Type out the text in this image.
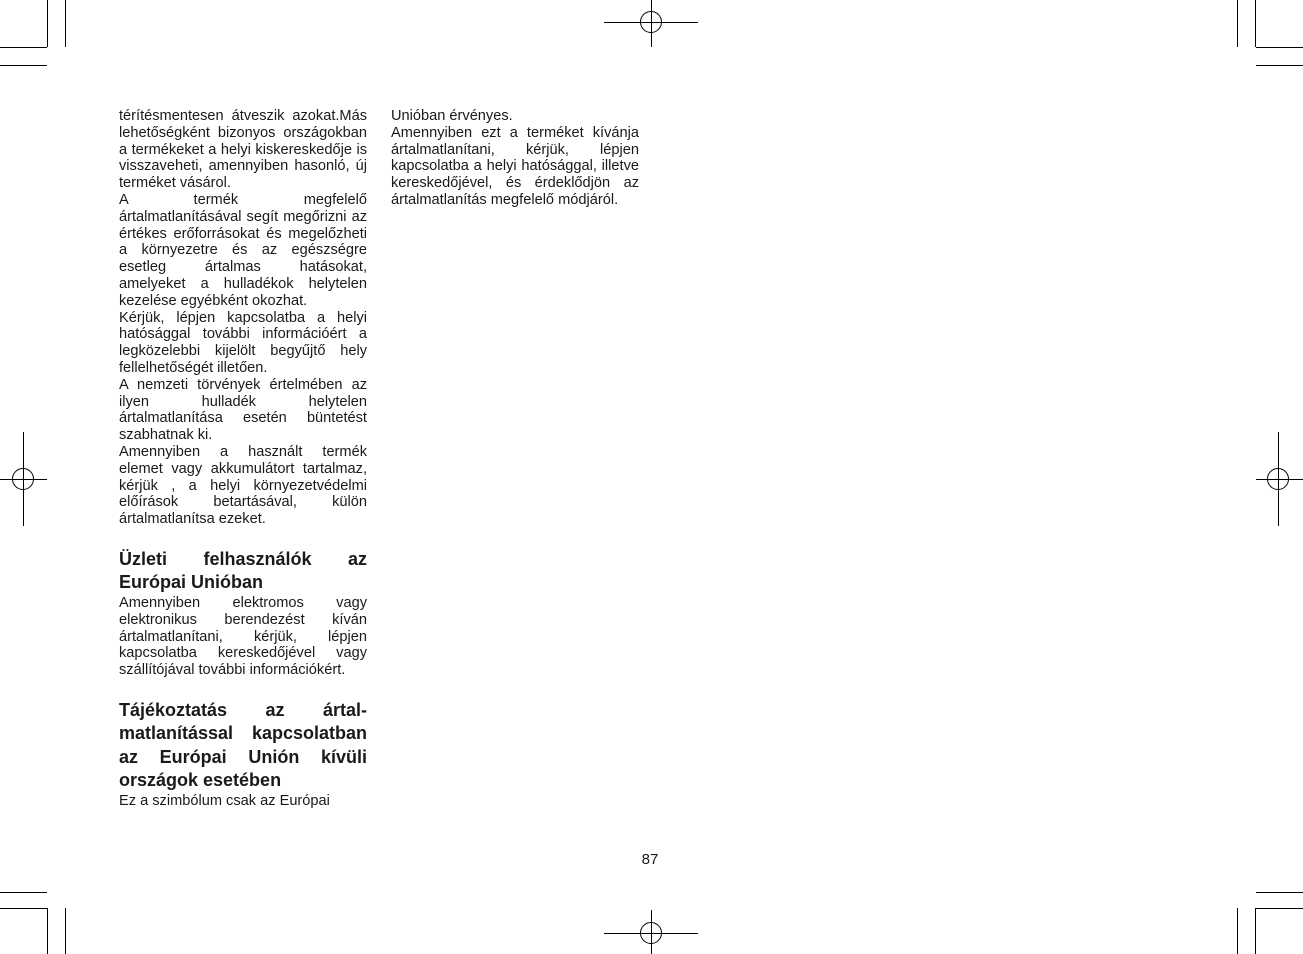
térítésmentesen átveszik azokat.Más lehetőségként bizonyos országokban a termékeket a helyi kiskereskedője is visszaveheti, amennyiben hasonló, új terméket vásárol.

A termék megfelelő ártalmatlanításával segít megőrizni az értékes erőforrásokat és megelőzheti a környezetre és az egészségre esetleg ártalmas hatásokat, amelyeket a hulladékok helytelen kezelése egyébként okozhat.

Kérjük, lépjen kapcsolatba a helyi hatósággal további információért a legközelebbi kijelölt begyűjtő hely fellelhetőségét illetően.

A nemzeti törvények értelmében az ilyen hulladék helytelen ártalmatlanítása esetén büntetést szabhatnak ki.

Amennyiben a használt termék elemet vagy akkumulátort tartalmaz, kérjük , a helyi környezetvédelmi előírások betartásával, külön ártalmatlanítsa ezeket.

Üzleti felhasználók az Európai Unióban

Amennyiben elektromos vagy elektronikus berendezést kíván ártalmatlanítani, kérjük, lépjen kapcsolatba kereskedőjével vagy szállítójával további információkért.

Tájékoztatás az ártal-matlanítással kapcsolatban az Európai Unión kívüli országok esetében

Ez a szimbólum csak az Európai

Unióban érvényes.

Amennyiben ezt a terméket kívánja ártalmatlanítani, kérjük, lépjen kapcsolatba a helyi hatósággal, illetve kereskedőjével, és érdeklődjön az ártalmatlanítás megfelelő módjáról.

87
